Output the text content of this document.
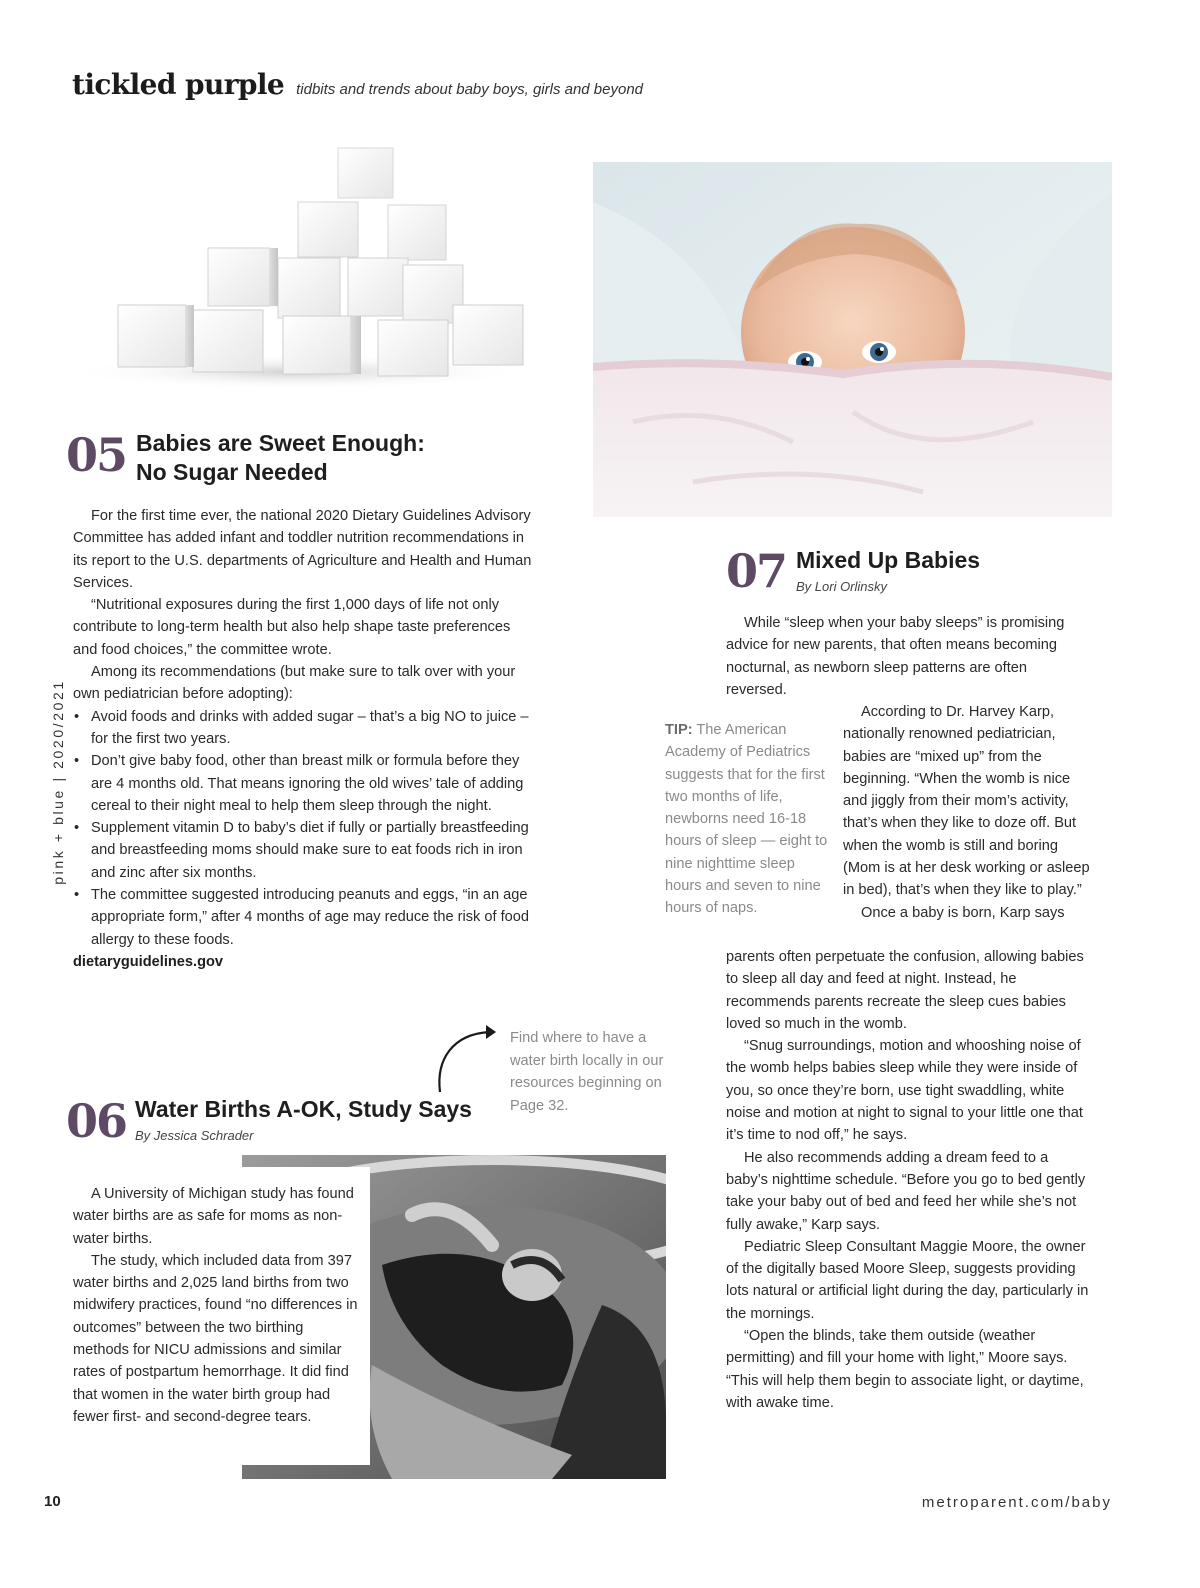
tickled purple tidbits and trends about baby boys, girls and beyond
pink + blue | 2020/2021
05 Babies are Sweet Enough:
No Sugar Needed

For the first time ever, the national 2020 Dietary Guidelines Advisory Committee has added infant and toddler nutrition recommendations in its report to the U.S. departments of Agriculture and Health and Human Services.

“Nutritional exposures during the first 1,000 days of life not only contribute to long-term health but also help shape taste preferences and food choices,” the committee wrote.

Among its recommendations (but make sure to talk over with your own pediatrician before adopting):

• Avoid foods and drinks with added sugar – that’s a big NO to juice – for the first two years.
• Don’t give baby food, other than breast milk or formula before they are 4 months old. That means ignoring the old wives’ tale of adding cereal to their night meal to help them sleep through the night.
• Supplement vitamin D to baby’s diet if fully or partially breastfeeding and breastfeeding moms should make sure to eat foods rich in iron and zinc after six months.
• The committee suggested introducing peanuts and eggs, “in an age appropriate form,” after 4 months of age may reduce the risk of food allergy to these foods.

dietaryguidelines.gov

07 Mixed Up Babies
By Lori Orlinsky

While “sleep when your baby sleeps” is promising advice for new parents, that often means becoming nocturnal, as newborn sleep patterns are often reversed.

According to Dr. Harvey Karp, nationally renowned pediatrician, babies are “mixed up” from the beginning. “When the womb is nice and jiggly from their mom’s activity, that’s when they like to doze off. But when the womb is still and boring (Mom is at her desk working or asleep in bed), that’s when they like to play.”

Once a baby is born, Karp says

TIP: The American Academy of Pediatrics suggests that for the first two months of life, newborns need 16-18 hours of sleep — eight to nine nighttime sleep hours and seven to nine hours of naps.

parents often perpetuate the confusion, allowing babies to sleep all day and feed at night. Instead, he recommends parents recreate the sleep cues babies loved so much in the womb.

“Snug surroundings, motion and whooshing noise of the womb helps babies sleep while they were inside of you, so once they’re born, use tight swaddling, white noise and motion at night to signal to your little one that it’s time to nod off,” he says.

He also recommends adding a dream feed to a baby’s nighttime schedule. “Before you go to bed gently take your baby out of bed and feed her while she’s not fully awake,” Karp says.

Pediatric Sleep Consultant Maggie Moore, the owner of the digitally based Moore Sleep, suggests providing lots natural or artificial light during the day, particularly in the mornings.

“Open the blinds, take them outside (weather permitting) and fill your home with light,” Moore says. “This will help them begin to associate light, or daytime, with awake time.

Find where to have a water birth locally in our resources beginning on Page 32.
06 Water Births A-OK, Study Says
By Jessica Schrader

A University of Michigan study has found water births are as safe for moms as non-water births.

The study, which included data from 397 water births and 2,025 land births from two midwifery practices, found “no differences in outcomes” between the two birthing methods for NICU admissions and similar rates of postpartum hemorrhage. It did find that women in the water birth group had fewer first- and second-degree tears.

10	metroparent.com/baby
